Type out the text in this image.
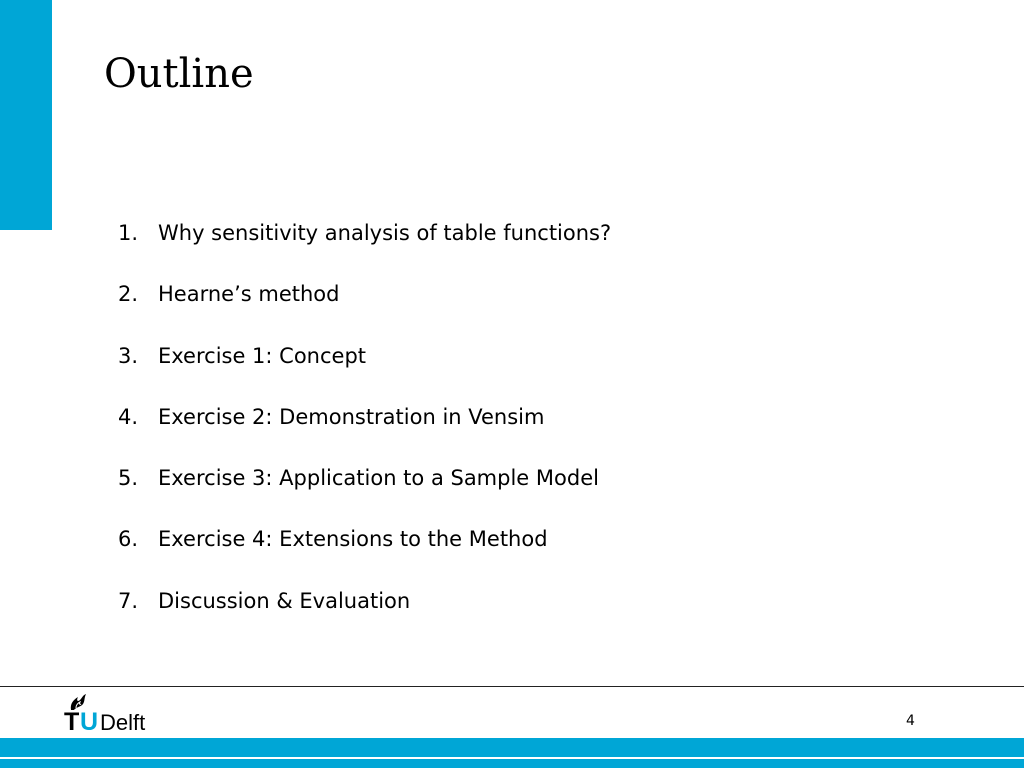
Outline
1. Why sensitivity analysis of table functions?
2. Hearne’s method
3. Exercise 1: Concept
4. Exercise 2: Demonstration in Vensim
5. Exercise 3: Application to a Sample Model
6. Exercise 4: Extensions to the Method
7. Discussion & Evaluation
T U Delft	4
